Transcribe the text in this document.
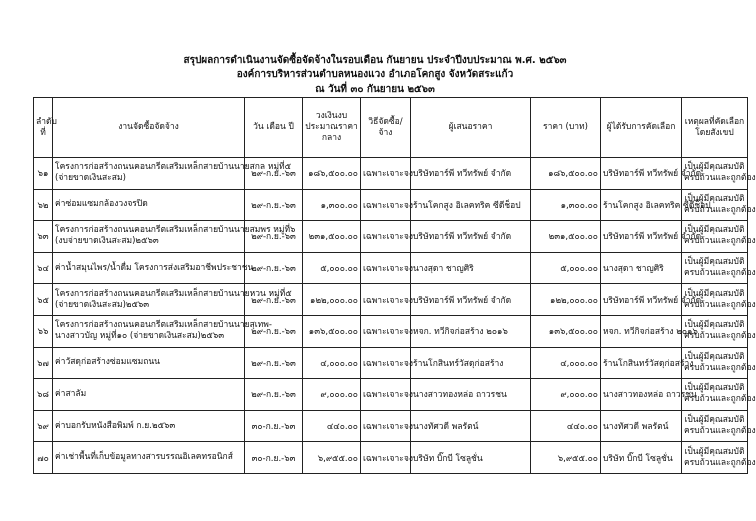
สรุปผลการดำเนินงานจัดซื้อจัดจ้างในรอบเดือน กันยายน ประจำปีงบประมาณ พ.ศ. ๒๕๖๓
องค์การบริหารส่วนตำบลหนองแวง อำเภอโคกสูง จังหวัดสระแก้ว
ณ วันที่ ๓๐ กันยายน ๒๕๖๓
ลำดับที่	งานจัดซื้อจัดจ้าง	วัน เดือน ปี	วงเงินงบประมาณราคากลาง	วิธีจัดซื้อ/จ้าง	ผู้เสนอราคา	ราคา (บาท)	ผู้ได้รับการคัดเลือก	เหตุผลที่คัดเลือกโดยสังเขป
๖๑	โครงการก่อสร้างถนนคอนกรีตเสริมเหล็กสายบ้านนายสกล หมู่ที่๕
(จ่ายขาดเงินสะสม)	๒๙-ก.ย.-๖๓	๑๘๖,๕๐๐.๐๐	เฉพาะเจาะจง	บริษัทอาร์พี ทวีทรัพย์ จำกัด	๑๘๖,๕๐๐.๐๐	บริษัทอาร์พี ทวีทรัพย์ จำกัด	เป็นผู้มีคุณสมบัติ
ครบถ้วนและถูกต้อง
๖๒	ค่าซ่อมแซมกล้องวงจรปิด	๒๙-ก.ย.-๖๓	๑,๓๐๐.๐๐	เฉพาะเจาะจง	ร้านโคกสูง อิเลคทริค ซีดีช็อป	๑,๓๐๐.๐๐	ร้านโคกสูง อิเลคทริค ซีดีช็อป	เป็นผู้มีคุณสมบัติ
ครบถ้วนและถูกต้อง
๖๓	โครงการก่อสร้างถนนคอนกรีตเสริมเหล็กสายบ้านนายสมพร หมู่ที่๖
(งบจ่ายขาดเงินสะสม)๒๕๖๓	๒๙-ก.ย.-๖๓	๒๓๑,๕๐๐.๐๐	เฉพาะเจาะจง	บริษัทอาร์พี ทวีทรัพย์ จำกัด	๒๓๑,๕๐๐.๐๐	บริษัทอาร์พี ทวีทรัพย์ จำกัด	เป็นผู้มีคุณสมบัติ
ครบถ้วนและถูกต้อง
๖๔	ค่าน้ำสมุนไพร/น้ำดื่ม โครงการส่งเสริมอาชีพประชาชน	๒๙-ก.ย.-๖๓	๕,๐๐๐.๐๐	เฉพาะเจาะจง	นางสุดา ชาญศิริ	๕,๐๐๐.๐๐	นางสุดา ชาญศิริ	เป็นผู้มีคุณสมบัติ
ครบถ้วนและถูกต้อง
๖๕	โครงการก่อสร้างถนนคอนกรีตเสริมเหล็กสายบ้านนายหวน หมู่ที่๕
(จ่ายขาดเงินสะสม)๒๕๖๓	๒๙-ก.ย.-๖๓	๑๒๒,๐๐๐.๐๐	เฉพาะเจาะจง	บริษัทอาร์พี ทวีทรัพย์ จำกัด	๑๒๒,๐๐๐.๐๐	บริษัทอาร์พี ทวีทรัพย์ จำกัด	เป็นผู้มีคุณสมบัติ
ครบถ้วนและถูกต้อง
๖๖	โครงการก่อสร้างถนนคอนกรีตเสริมเหล็กสายบ้านนายสุเทพ-
นางสาวบัญ หมู่ที่๑๐ (จ่ายขาดเงินสะสม)๒๕๖๓	๒๙-ก.ย.-๖๓	๑๓๖,๕๐๐.๐๐	เฉพาะเจาะจง	หจก. ทวีกิจก่อสร้าง ๒๐๑๖	๑๓๖,๕๐๐.๐๐	หจก. ทวีกิจก่อสร้าง ๒๐๑๖	เป็นผู้มีคุณสมบัติ
ครบถ้วนและถูกต้อง
๖๗	ค่าวัสดุก่อสร้างซ่อมแซมถนน	๒๙-ก.ย.-๖๓	๔,๐๐๐.๐๐	เฉพาะเจาะจง	ร้านโกสินทร์วัสดุก่อสร้าง	๔,๐๐๐.๐๐	ร้านโกสินทร์วัสดุก่อสร้าง	เป็นผู้มีคุณสมบัติ
ครบถ้วนและถูกต้อง
๖๘	ค่าสาลัม	๒๙-ก.ย.-๖๓	๙,๐๐๐.๐๐	เฉพาะเจาะจง	นางสาวทองหล่อ ถาวรชน	๙,๐๐๐.๐๐	นางสาวทองหล่อ ถาวรชน	เป็นผู้มีคุณสมบัติ
ครบถ้วนและถูกต้อง
๖๙	ค่าบอกรับหนังสือพิมพ์ ก.ย.๒๕๖๓	๓๐-ก.ย.-๖๓	๔๔๐.๐๐	เฉพาะเจาะจง	นางทัศวดี พลรัตน์	๔๔๐.๐๐	นางทัศวดี พลรัตน์	เป็นผู้มีคุณสมบัติ
ครบถ้วนและถูกต้อง
๗๐	ค่าเช่าพื้นที่เก็บข้อมูลทางสารบรรณอิเลคทรอนิกส์	๓๐-ก.ย.-๖๓	๖,๙๕๕.๐๐	เฉพาะเจาะจง	บริษัท บิ๊กบี โซลูชั่น	๖,๙๕๕.๐๐	บริษัท บิ๊กบี โซลูชั่น	เป็นผู้มีคุณสมบัติ
ครบถ้วนและถูกต้อง
